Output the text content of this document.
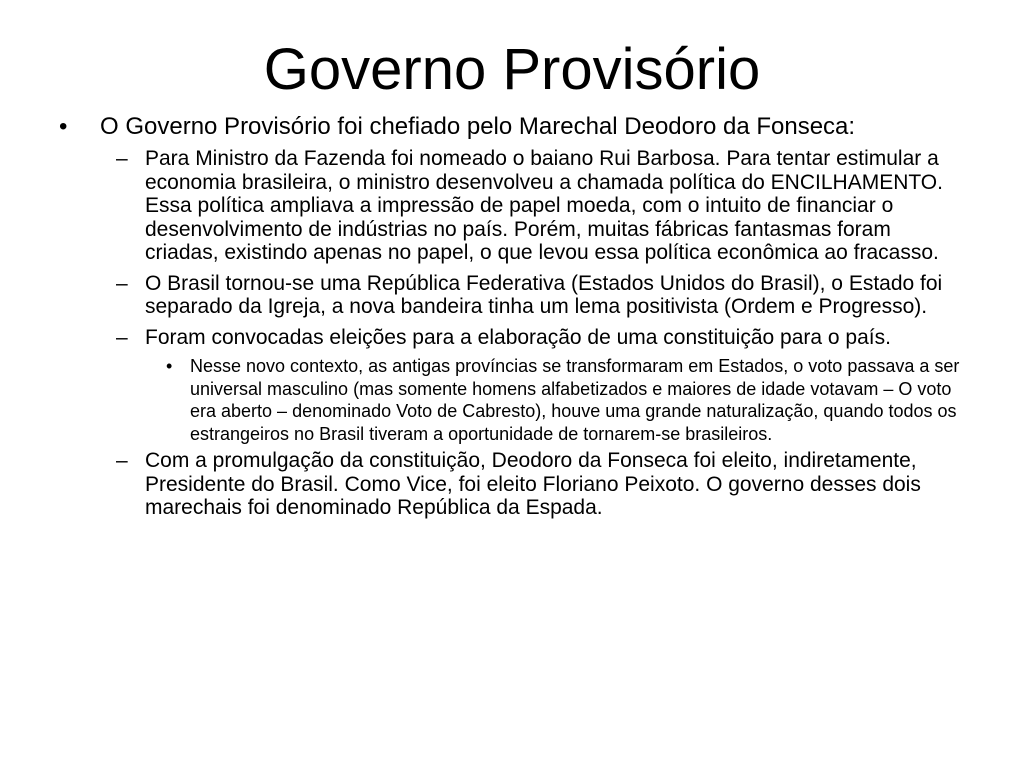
Governo Provisório

• O Governo Provisório foi chefiado pelo Marechal Deodoro da Fonseca:

– Para Ministro da Fazenda foi nomeado o baiano Rui Barbosa. Para tentar estimular a economia brasileira, o ministro desenvolveu a chamada política do ENCILHAMENTO. Essa política ampliava a impressão de papel moeda, com o intuito de financiar o desenvolvimento de indústrias no país. Porém, muitas fábricas fantasmas foram criadas, existindo apenas no papel, o que levou essa política econômica ao fracasso.

– O Brasil tornou-se uma República Federativa (Estados Unidos do Brasil), o Estado foi separado da Igreja, a nova bandeira tinha um lema positivista (Ordem e Progresso).

– Foram convocadas eleições para a elaboração de uma constituição para o país.

• Nesse novo contexto, as antigas províncias se transformaram em Estados, o voto passava a ser universal masculino (mas somente homens alfabetizados e maiores de idade votavam – O voto era aberto – denominado Voto de Cabresto), houve uma grande naturalização, quando todos os estrangeiros no Brasil tiveram a oportunidade de tornarem-se brasileiros.

– Com a promulgação da constituição, Deodoro da Fonseca foi eleito, indiretamente, Presidente do Brasil. Como Vice, foi eleito Floriano Peixoto. O governo desses dois marechais foi denominado República da Espada.
